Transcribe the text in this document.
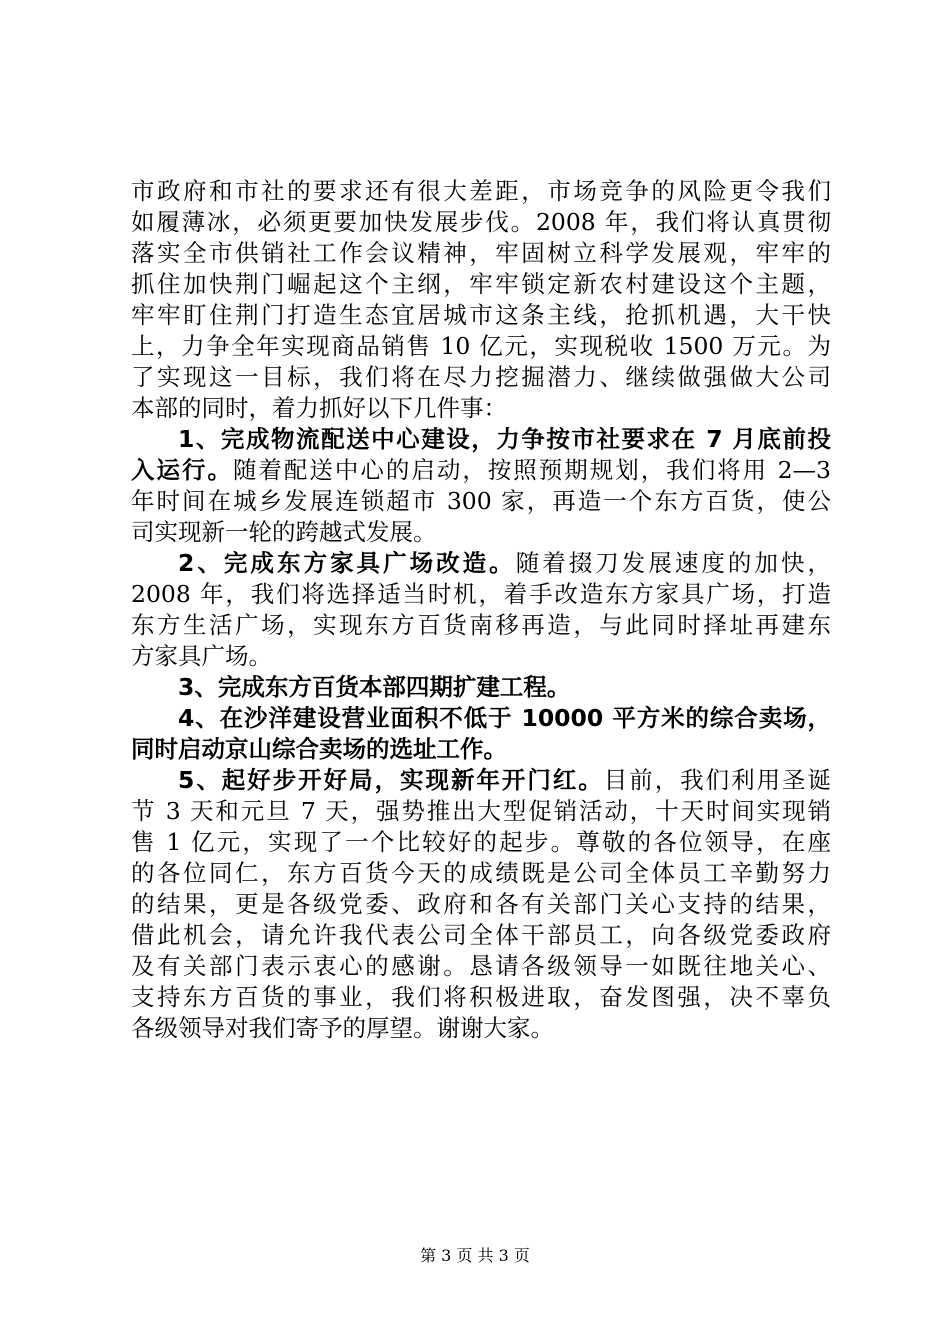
市政府和市社的要求还有很大差距，市场竞争的风险更令我们
如履薄冰，必须更要加快发展步伐。2008 年，我们将认真贯彻
落实全市供销社工作会议精神，牢固树立科学发展观，牢牢的
抓住加快荆门崛起这个主纲，牢牢锁定新农村建设这个主题，
牢牢盯住荆门打造生态宜居城市这条主线，抢抓机遇，大干快
上，力争全年实现商品销售 10 亿元，实现税收 1500 万元。为
了实现这一目标，我们将在尽力挖掘潜力、继续做强做大公司
本部的同时，着力抓好以下几件事：
1、完成物流配送中心建设，力争按市社要求在 7 月底前投
入运行。随着配送中心的启动，按照预期规划，我们将用 2—3
年时间在城乡发展连锁超市 300 家，再造一个东方百货，使公
司实现新一轮的跨越式发展。
2、完成东方家具广场改造。随着掇刀发展速度的加快，
2008 年，我们将选择适当时机，着手改造东方家具广场，打造
东方生活广场，实现东方百货南移再造，与此同时择址再建东
方家具广场。
3、完成东方百货本部四期扩建工程。
4、在沙洋建设营业面积不低于 10000 平方米的综合卖场，
同时启动京山综合卖场的选址工作。
5、起好步开好局，实现新年开门红。目前，我们利用圣诞
节 3 天和元旦 7 天，强势推出大型促销活动，十天时间实现销
售 1 亿元，实现了一个比较好的起步。尊敬的各位领导，在座
的各位同仁，东方百货今天的成绩既是公司全体员工辛勤努力
的结果，更是各级党委、政府和各有关部门关心支持的结果，
借此机会，请允许我代表公司全体干部员工，向各级党委政府
及有关部门表示衷心的感谢。恳请各级领导一如既往地关心、
支持东方百货的事业，我们将积极进取，奋发图强，决不辜负
各级领导对我们寄予的厚望。谢谢大家。
第 3 页 共 3 页
